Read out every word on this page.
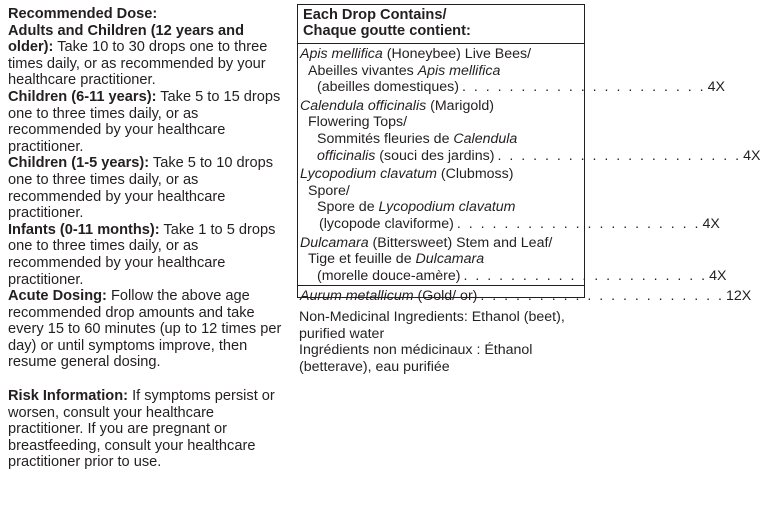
Recommended Dose:

Adults and Children (12 years and older): Take 10 to 30 drops one to three times daily, or as recommended by your healthcare practitioner.

Children (6-11 years): Take 5 to 15 drops one to three times daily, or as recommended by your healthcare practitioner.

Children (1-5 years): Take 5 to 10 drops one to three times daily, or as recommended by your healthcare practitioner.

Infants (0-11 months): Take 1 to 5 drops one to three times daily, or as recommended by your healthcare practitioner.

Acute Dosing: Follow the above age recommended drop amounts and take every 15 to 60 minutes (up to 12 times per day) or until symptoms improve, then resume general dosing.

Risk Information: If symptoms persist or worsen, consult your healthcare practitioner. If you are pregnant or breastfeeding, consult your healthcare practitioner prior to use.

Each Drop Contains/
Chaque goutte contient:
Apis mellifica (Honeybee) Live Bees/
Abeilles vivantes Apis mellifica
(abeilles domestiques) . . . . . . . . . . . . . . . . . . . . . 4X
Calendula officinalis (Marigold)
Flowering Tops/
Sommités fleuries de Calendula
officinalis (souci des jardins) . . . . . . . . . . . . . . . . . . . . . 4X
Lycopodium clavatum (Clubmoss)
Spore/
Spore de Lycopodium clavatum
(lycopode claviforme) . . . . . . . . . . . . . . . . . . . . . 4X
Dulcamara (Bittersweet) Stem and Leaf/
Tige et feuille de Dulcamara
(morelle douce-amère) . . . . . . . . . . . . . . . . . . . . . 4X
Aurum metallicum (Gold/ or) . . . . . . . . . . . . . . . . . . . . . 12X

Non-Medicinal Ingredients: Ethanol (beet), purified water

Ingrédients non médicinaux : Éthanol (betterave), eau purifiée
